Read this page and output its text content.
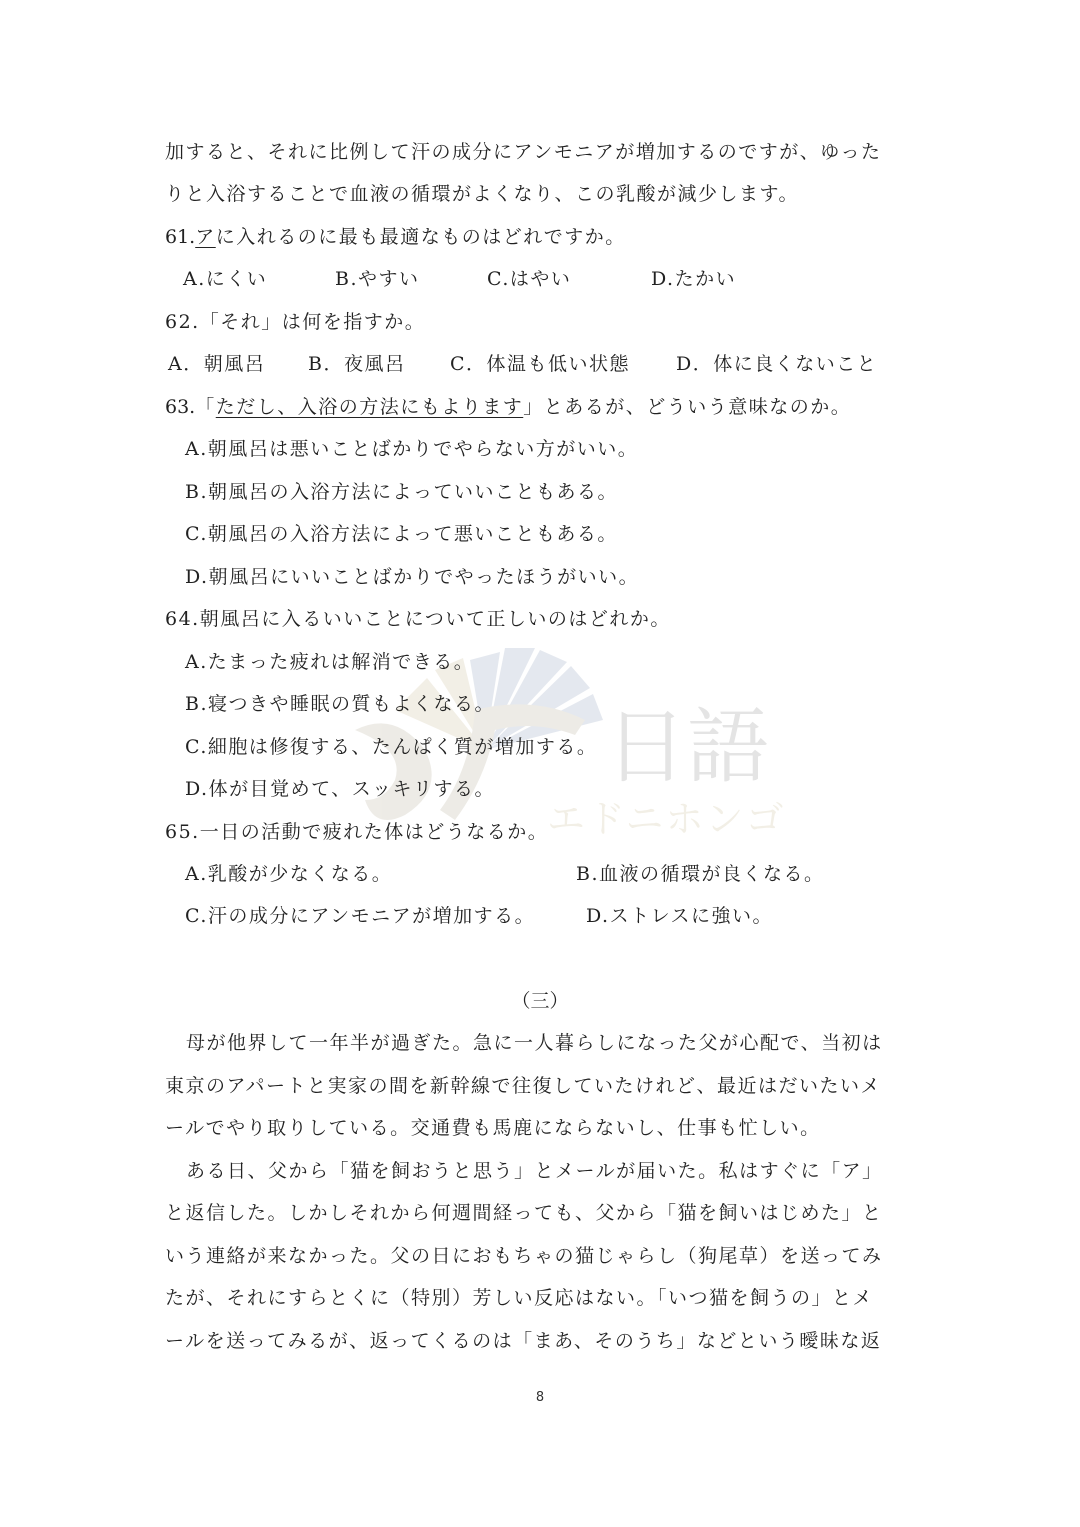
日語
エドニホンゴ
加すると、それに比例して汗の成分にアンモニアが増加するのですが、ゆった
りと入浴することで血液の循環がよくなり、この乳酸が減少します。
61.アに入れるのに最も最適なものはどれですか。
A.にくい	B.やすい	C.はやい	D.たかい
62.「それ」は何を指すか。
A．朝風呂 B．夜風呂 C．体温も低い状態 D．体に良くないこと
63.「ただし、入浴の方法にもよります」とあるが、どういう意味なのか。
A.朝風呂は悪いことばかりでやらない方がいい。
B.朝風呂の入浴方法によっていいこともある。
C.朝風呂の入浴方法によって悪いこともある。
D.朝風呂にいいことばかりでやったほうがいい。
64.朝風呂に入るいいことについて正しいのはどれか。
A.たまった疲れは解消できる。
B.寝つきや睡眠の質もよくなる。
C.細胞は修復する、たんぱく質が増加する。
D.体が目覚めて、スッキリする。
65.一日の活動で疲れた体はどうなるか。
A.乳酸が少なくなる。	B.血液の循環が良くなる。
C.汗の成分にアンモニアが増加する。	D.ストレスに強い。
（三）
母が他界して一年半が過ぎた。急に一人暮らしになった父が心配で、当初は
東京のアパートと実家の間を新幹線で往復していたけれど、最近はだいたいメ
ールでやり取りしている。交通費も馬鹿にならないし、仕事も忙しい。
ある日、父から「猫を飼おうと思う」とメールが届いた。私はすぐに「ア」
と返信した。しかしそれから何週間経っても、父から「猫を飼いはじめた」と
いう連絡が来なかった。父の日におもちゃの猫じゃらし（狗尾草）を送ってみ
たが、それにすらとくに（特別）芳しい反応はない。「いつ猫を飼うの」とメ
ールを送ってみるが、返ってくるのは「まあ、そのうち」などという曖昧な返
8
